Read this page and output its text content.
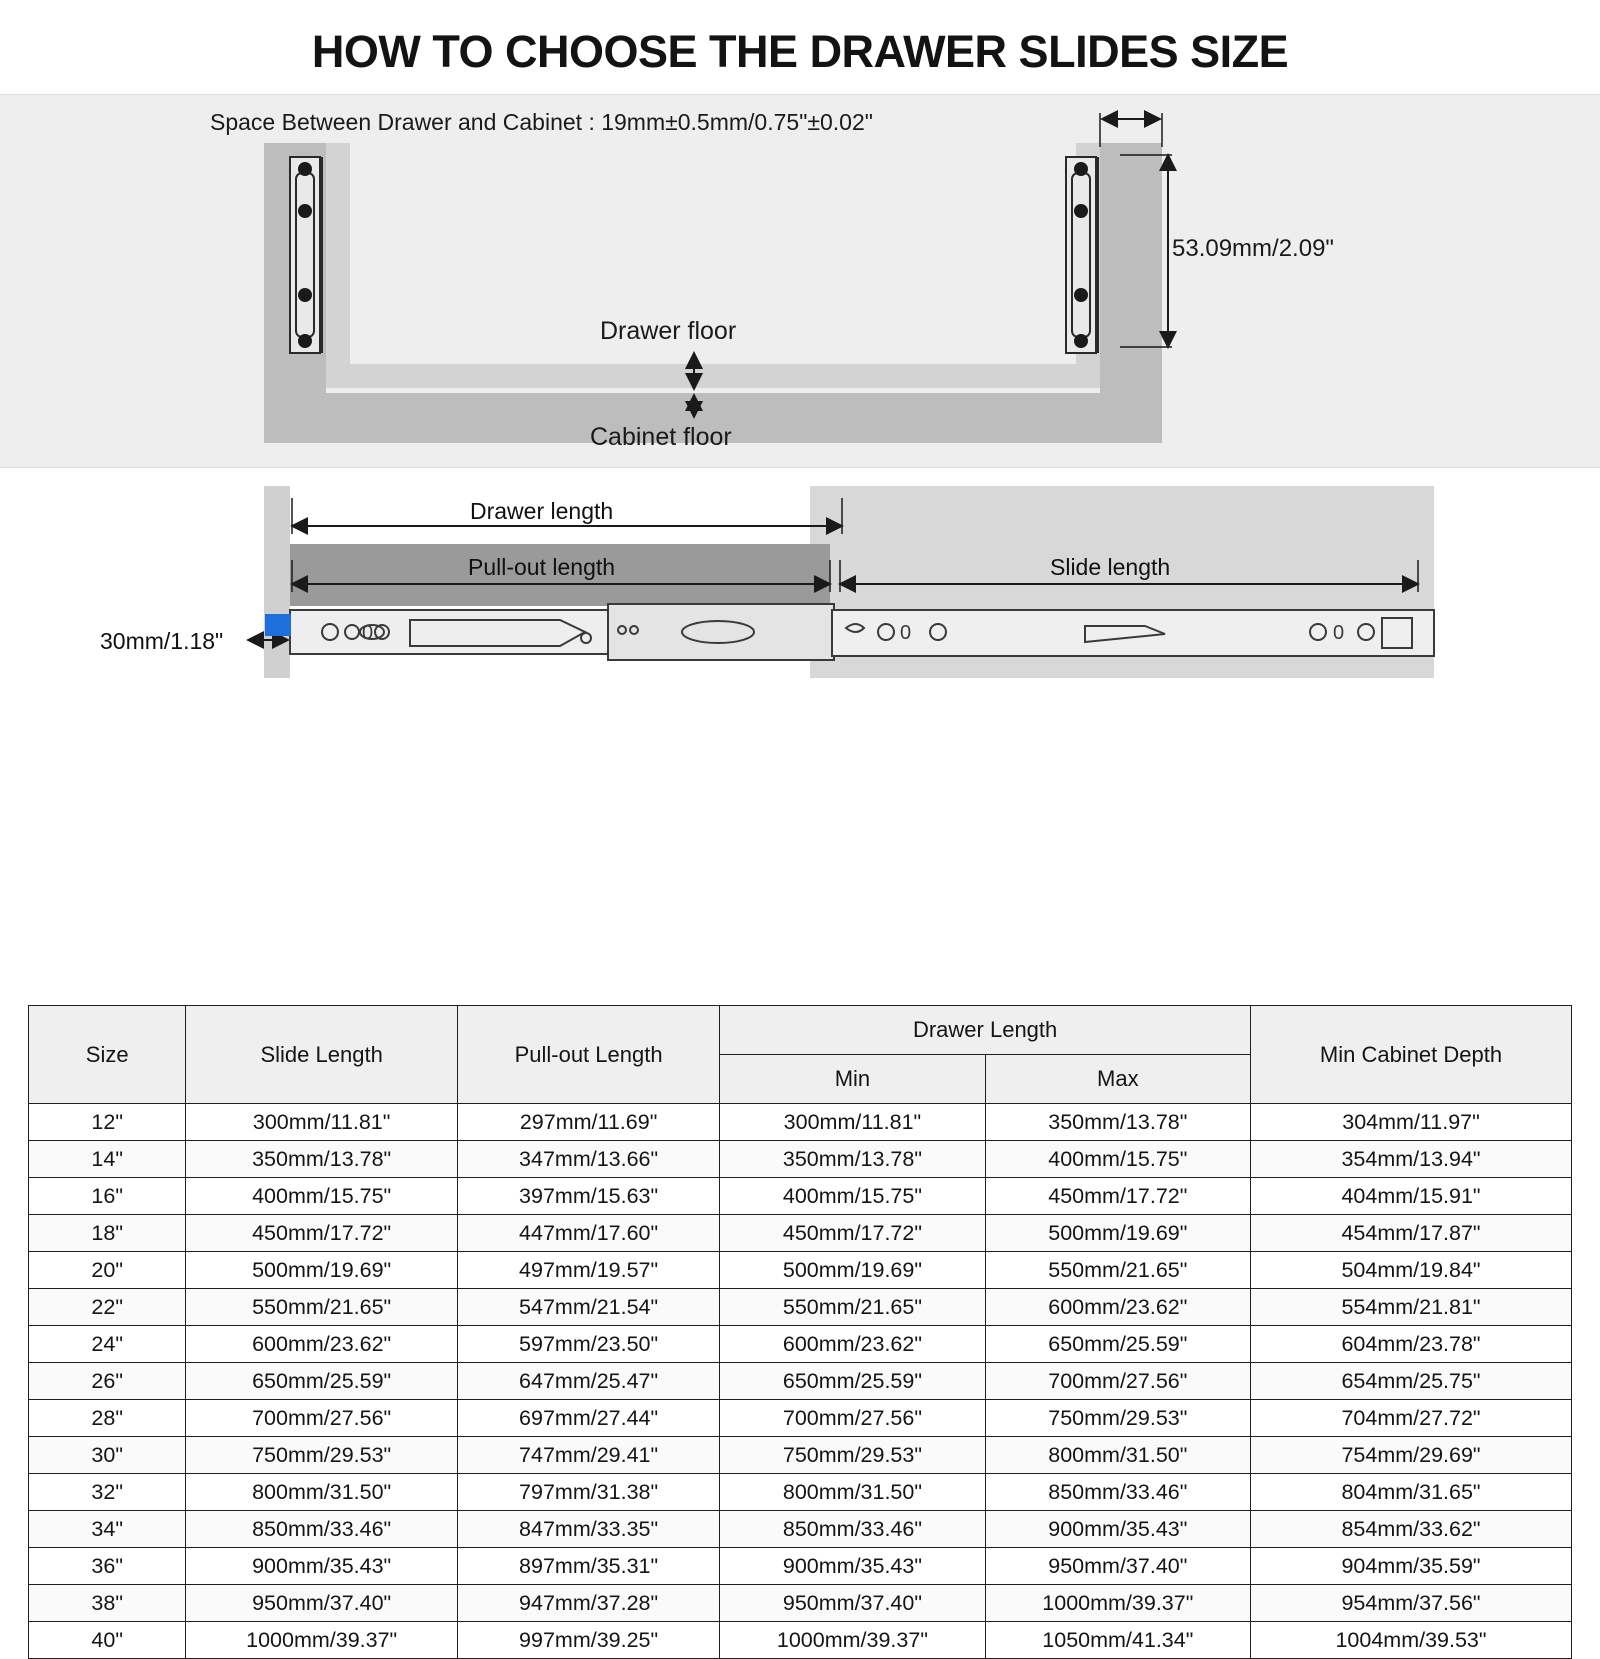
HOW TO CHOOSE THE DRAWER SLIDES SIZE
Space Between Drawer and Cabinet : 19mm±0.5mm/0.75"±0.02"
Drawer floor
Cabinet floor
53.09mm/2.09"
0	0	0
Drawer length
Pull-out length	Slide length
30mm/1.18"
Size	Slide Length	Pull-out Length	Drawer Length		Min Cabinet Depth
			Min	Max	
12"	300mm/11.81"	297mm/11.69"	300mm/11.81"	350mm/13.78"	304mm/11.97"
14"	350mm/13.78"	347mm/13.66"	350mm/13.78"	400mm/15.75"	354mm/13.94"
16"	400mm/15.75"	397mm/15.63"	400mm/15.75"	450mm/17.72"	404mm/15.91"
18"	450mm/17.72"	447mm/17.60"	450mm/17.72"	500mm/19.69"	454mm/17.87"
20"	500mm/19.69"	497mm/19.57"	500mm/19.69"	550mm/21.65"	504mm/19.84"
22"	550mm/21.65"	547mm/21.54"	550mm/21.65"	600mm/23.62"	554mm/21.81"
24"	600mm/23.62"	597mm/23.50"	600mm/23.62"	650mm/25.59"	604mm/23.78"
26"	650mm/25.59"	647mm/25.47"	650mm/25.59"	700mm/27.56"	654mm/25.75"
28"	700mm/27.56"	697mm/27.44"	700mm/27.56"	750mm/29.53"	704mm/27.72"
30"	750mm/29.53"	747mm/29.41"	750mm/29.53"	800mm/31.50"	754mm/29.69"
32"	800mm/31.50"	797mm/31.38"	800mm/31.50"	850mm/33.46"	804mm/31.65"
34"	850mm/33.46"	847mm/33.35"	850mm/33.46"	900mm/35.43"	854mm/33.62"
36"	900mm/35.43"	897mm/35.31"	900mm/35.43"	950mm/37.40"	904mm/35.59"
38"	950mm/37.40"	947mm/37.28"	950mm/37.40"	1000mm/39.37"	954mm/37.56"
40"	1000mm/39.37"	997mm/39.25"	1000mm/39.37"	1050mm/41.34"	1004mm/39.53"
